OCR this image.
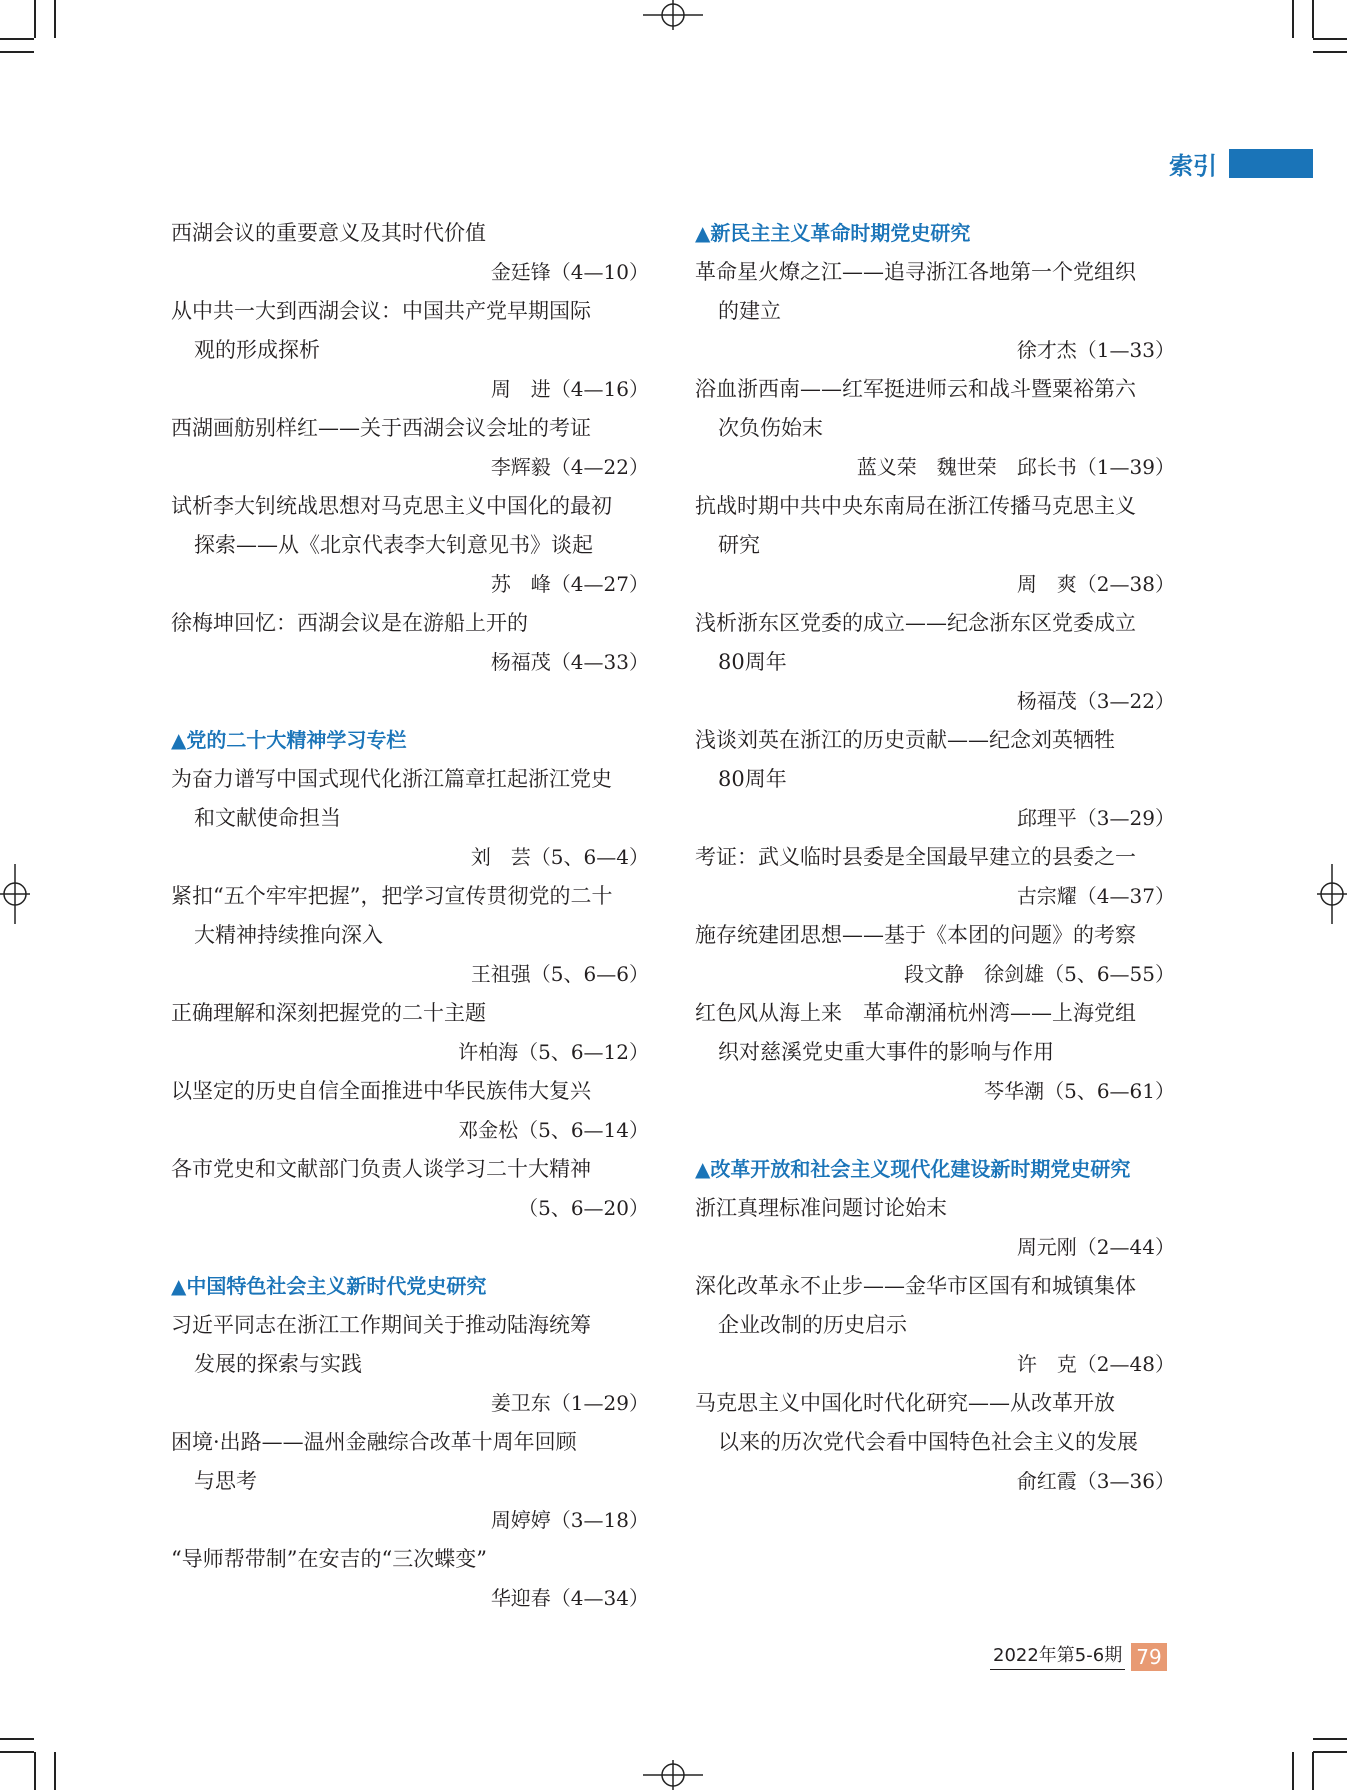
索引
西湖会议的重要意义及其时代价值
金廷锋（4—10）
从中共一大到西湖会议：中国共产党早期国际
观的形成探析
周　进（4—16）
西湖画舫别样红——关于西湖会议会址的考证
李辉毅（4—22）
试析李大钊统战思想对马克思主义中国化的最初
探索——从《北京代表李大钊意见书》谈起
苏　峰（4—27）
徐梅坤回忆：西湖会议是在游船上开的
杨福茂（4—33）
▲党的二十大精神学习专栏
为奋力谱写中国式现代化浙江篇章扛起浙江党史
和文献使命担当
刘　芸（5、6—4）
紧扣“五个牢牢把握”，把学习宣传贯彻党的二十
大精神持续推向深入
王祖强（5、6—6）
正确理解和深刻把握党的二十主题
许柏海（5、6—12）
以坚定的历史自信全面推进中华民族伟大复兴
邓金松（5、6—14）
各市党史和文献部门负责人谈学习二十大精神
（5、6—20）
▲中国特色社会主义新时代党史研究
习近平同志在浙江工作期间关于推动陆海统筹
发展的探索与实践
姜卫东（1—29）
困境·出路——温州金融综合改革十周年回顾
与思考
周婷婷（3—18）
“导师帮带制”在安吉的“三次蝶变”
华迎春（4—34）
▲新民主主义革命时期党史研究
革命星火燎之江——追寻浙江各地第一个党组织
的建立
徐才杰（1—33）
浴血浙西南——红军挺进师云和战斗暨粟裕第六
次负伤始末
蓝义荣　魏世荣　邱长书（1—39）
抗战时期中共中央东南局在浙江传播马克思主义
研究
周　爽（2—38）
浅析浙东区党委的成立——纪念浙东区党委成立
80周年
杨福茂（3—22）
浅谈刘英在浙江的历史贡献——纪念刘英牺牲
80周年
邱理平（3—29）
考证：武义临时县委是全国最早建立的县委之一
古宗耀（4—37）
施存统建团思想——基于《本团的问题》的考察
段文静　徐剑雄（5、6—55）
红色风从海上来　革命潮涌杭州湾——上海党组
织对慈溪党史重大事件的影响与作用
芩华潮（5、6—61）
▲改革开放和社会主义现代化建设新时期党史研究
浙江真理标准问题讨论始末
周元刚（2—44）
深化改革永不止步——金华市区国有和城镇集体
企业改制的历史启示
许　克（2—48）
马克思主义中国化时代化研究——从改革开放
以来的历次党代会看中国特色社会主义的发展
俞红霞（3—36）
2022年第5-6期 79
